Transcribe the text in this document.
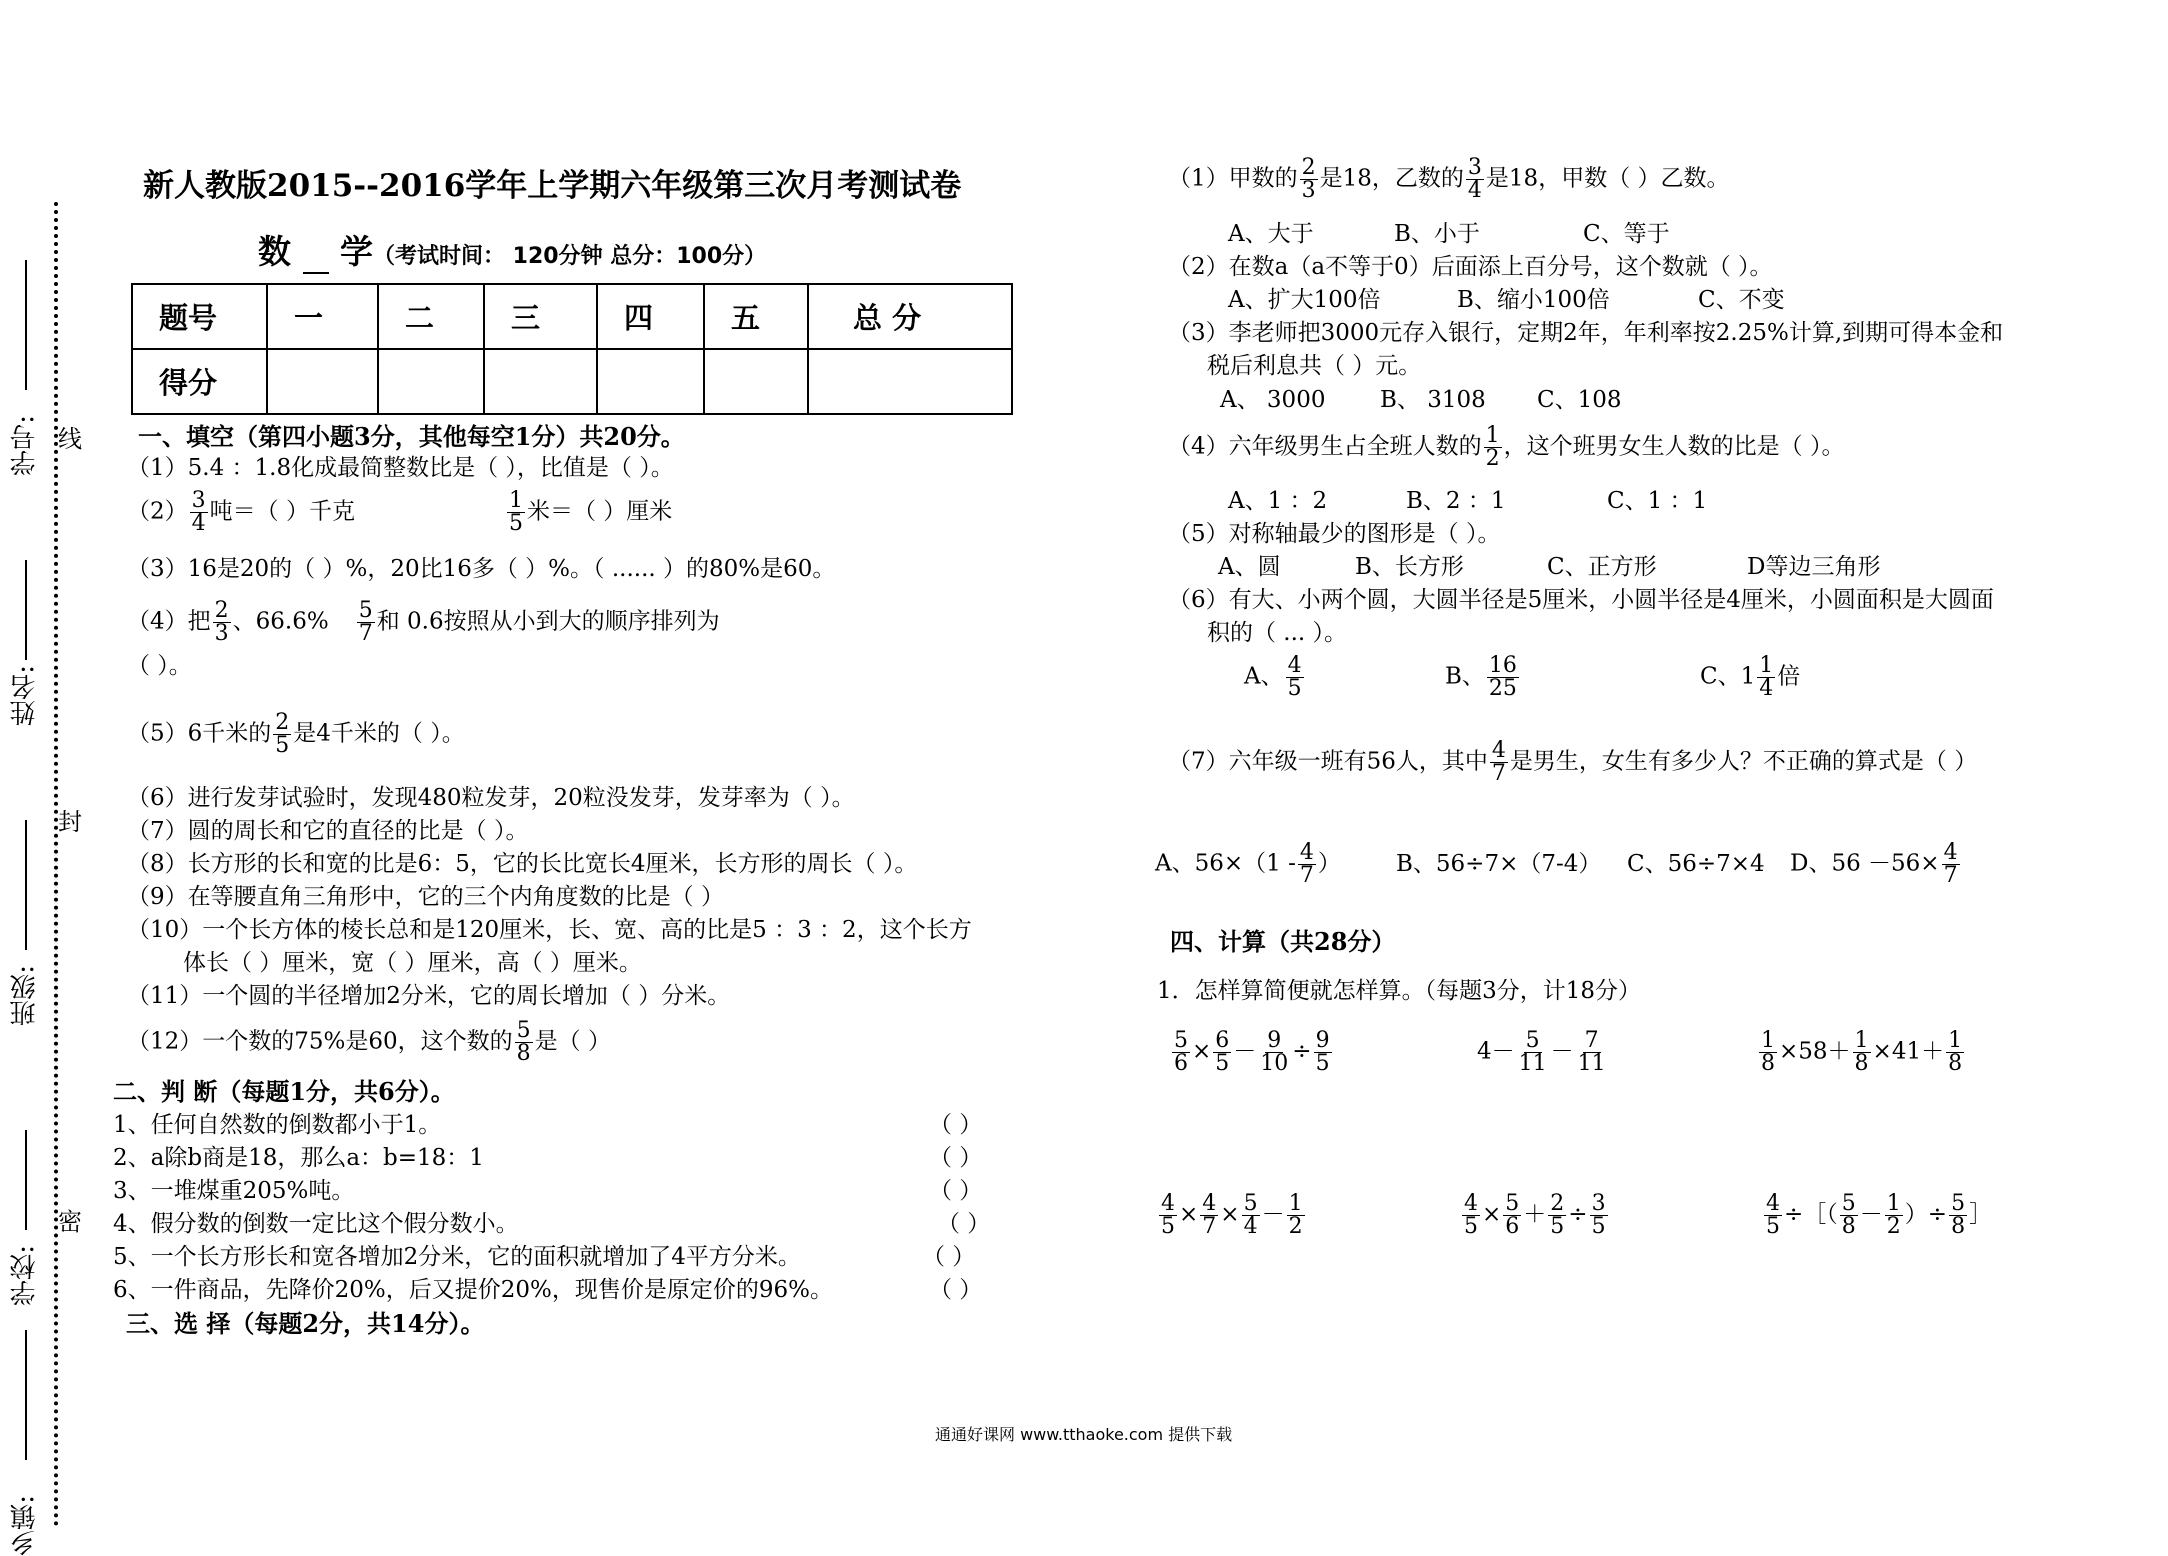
学号:
姓名:
班级:
学校:
乡镇:
线
封
密
新人教版2015--2016学年上学期六年级第三次月考测试卷
数 学（考试时间： 120分钟 总分：100分）
题号	一	二	三	四	五	总 分
得分						
一、填空（第四小题3分，其他每空1分）共20分。
（1）5.4 ：1.8化成最简整数比是（ ），比值是（ ）。
$(2) \frac{3}{4}$ 吨＝（ ）千克	$\frac{1}{5}$ 米＝（ ）厘米
（3）16是20的（ ）%，20比16多（ ）%。（ ...... ）的80%是60。
（4）把 $\frac{2}{3}$ 、$66.6\% \frac{5}{7}$ 和 0.6按照从小到大的顺序排列为
（ ）。
（5）6千米的 $\frac{2}{5}$ 是4千米的（ ）。
（6）进行发芽试验时，发现480粒发芽，20粒没发芽，发芽率为（ ）。
（7）圆的周长和它的直径的比是（ ）。
（8）长方形的长和宽的比是6：5，它的长比宽长4厘米，长方形的周长（ ）。
（9）在等腰直角三角形中，它的三个内角度数的比是（ ）
（10）一个长方体的棱长总和是120厘米，长、宽、高的比是5 ：3 ：2，这个长方
体长（ ）厘米，宽（ ）厘米，高（ ）厘米。
（11）一个圆的半径增加2分米，它的周长增加（ ）分米。
（12）一个数的75%是60，这个数的 $\frac{5}{8}$ 是（ ）
二、判 断（每题1分，共6分）。
1、任何自然数的倒数都小于1。	（ ）
2、a除b商是18，那么a：b=18：1	（ ）
3、一堆煤重205%吨。	（ ）
4、假分数的倒数一定比这个假分数小。	（ ）
5、一个长方形长和宽各增加2分米，它的面积就增加了4平方分米。	（ ）
6、一件商品，先降价20%，后又提价20%，现售价是原定价的96%。	（ ）
三、选 择（每题2分，共14分）。
（1）甲数的 $\frac{2}{3}$ 是18，乙数的 $\frac{3}{4}$ 是18，甲数（ ）乙数。
A、大于	B、小于	C、等于
（2）在数a（a不等于0）后面添上百分号，这个数就（ ）。
A、扩大100倍	B、缩小100倍	C、不变
（3）李老师把3000元存入银行，定期2年，年利率按2.25%计算,到期可得本金和
税后利息共（ ）元。
A、 3000 B、 3108 C、108
（4）六年级男生占全班人数的 $\frac{1}{2}$ ，这个班男女生人数的比是（ ）。
A、1 ：2	B、2 ：1	C、1 ：1
（5）对称轴最少的图形是（ ）。
A、圆	B、长方形	C、正方形	D等边三角形
（6）有大、小两个圆，大圆半径是5厘米，小圆半径是4厘米，小圆面积是大圆面
积的（ ... ）。
A、 $\frac{4}{5}$	B、 $\frac{16}{25}$	C、$1 \frac{1}{4}$ 倍
（7）六年级一班有56人，其中 $\frac{4}{7}$ 是男生，女生有多少人？不正确的算式是（ ）
A、$56\times(1 - \frac{4}{7}$ ） B、56÷7×（7-4） C、56÷7×4 D、$56 -56\times \frac{4}{7}$
四、计算（共28分）
1．怎样算简便就怎样算。（每题3分，计18分）
$\frac{5}{6} \times \frac{6}{5} - \frac{9}{10} \div \frac{9}{5}$	$4- \frac{5}{11} - \frac{7}{11}$	$\frac{1}{8} \times 58+ \frac{1}{8} \times 41+ \frac{1}{8}$
$\frac{4}{5} \times \frac{4}{7} \times \frac{5}{4} - \frac{1}{2}$	$\frac{4}{5} \times \frac{5}{6} + \frac{2}{5} \div \frac{3}{5}$	$\frac{4}{5}$ ÷［（ $\frac{5}{8} - \frac{1}{2}$ ）÷ $\frac{5}{8}$ ］
通通好课网 www.tthaoke.com 提供下载
